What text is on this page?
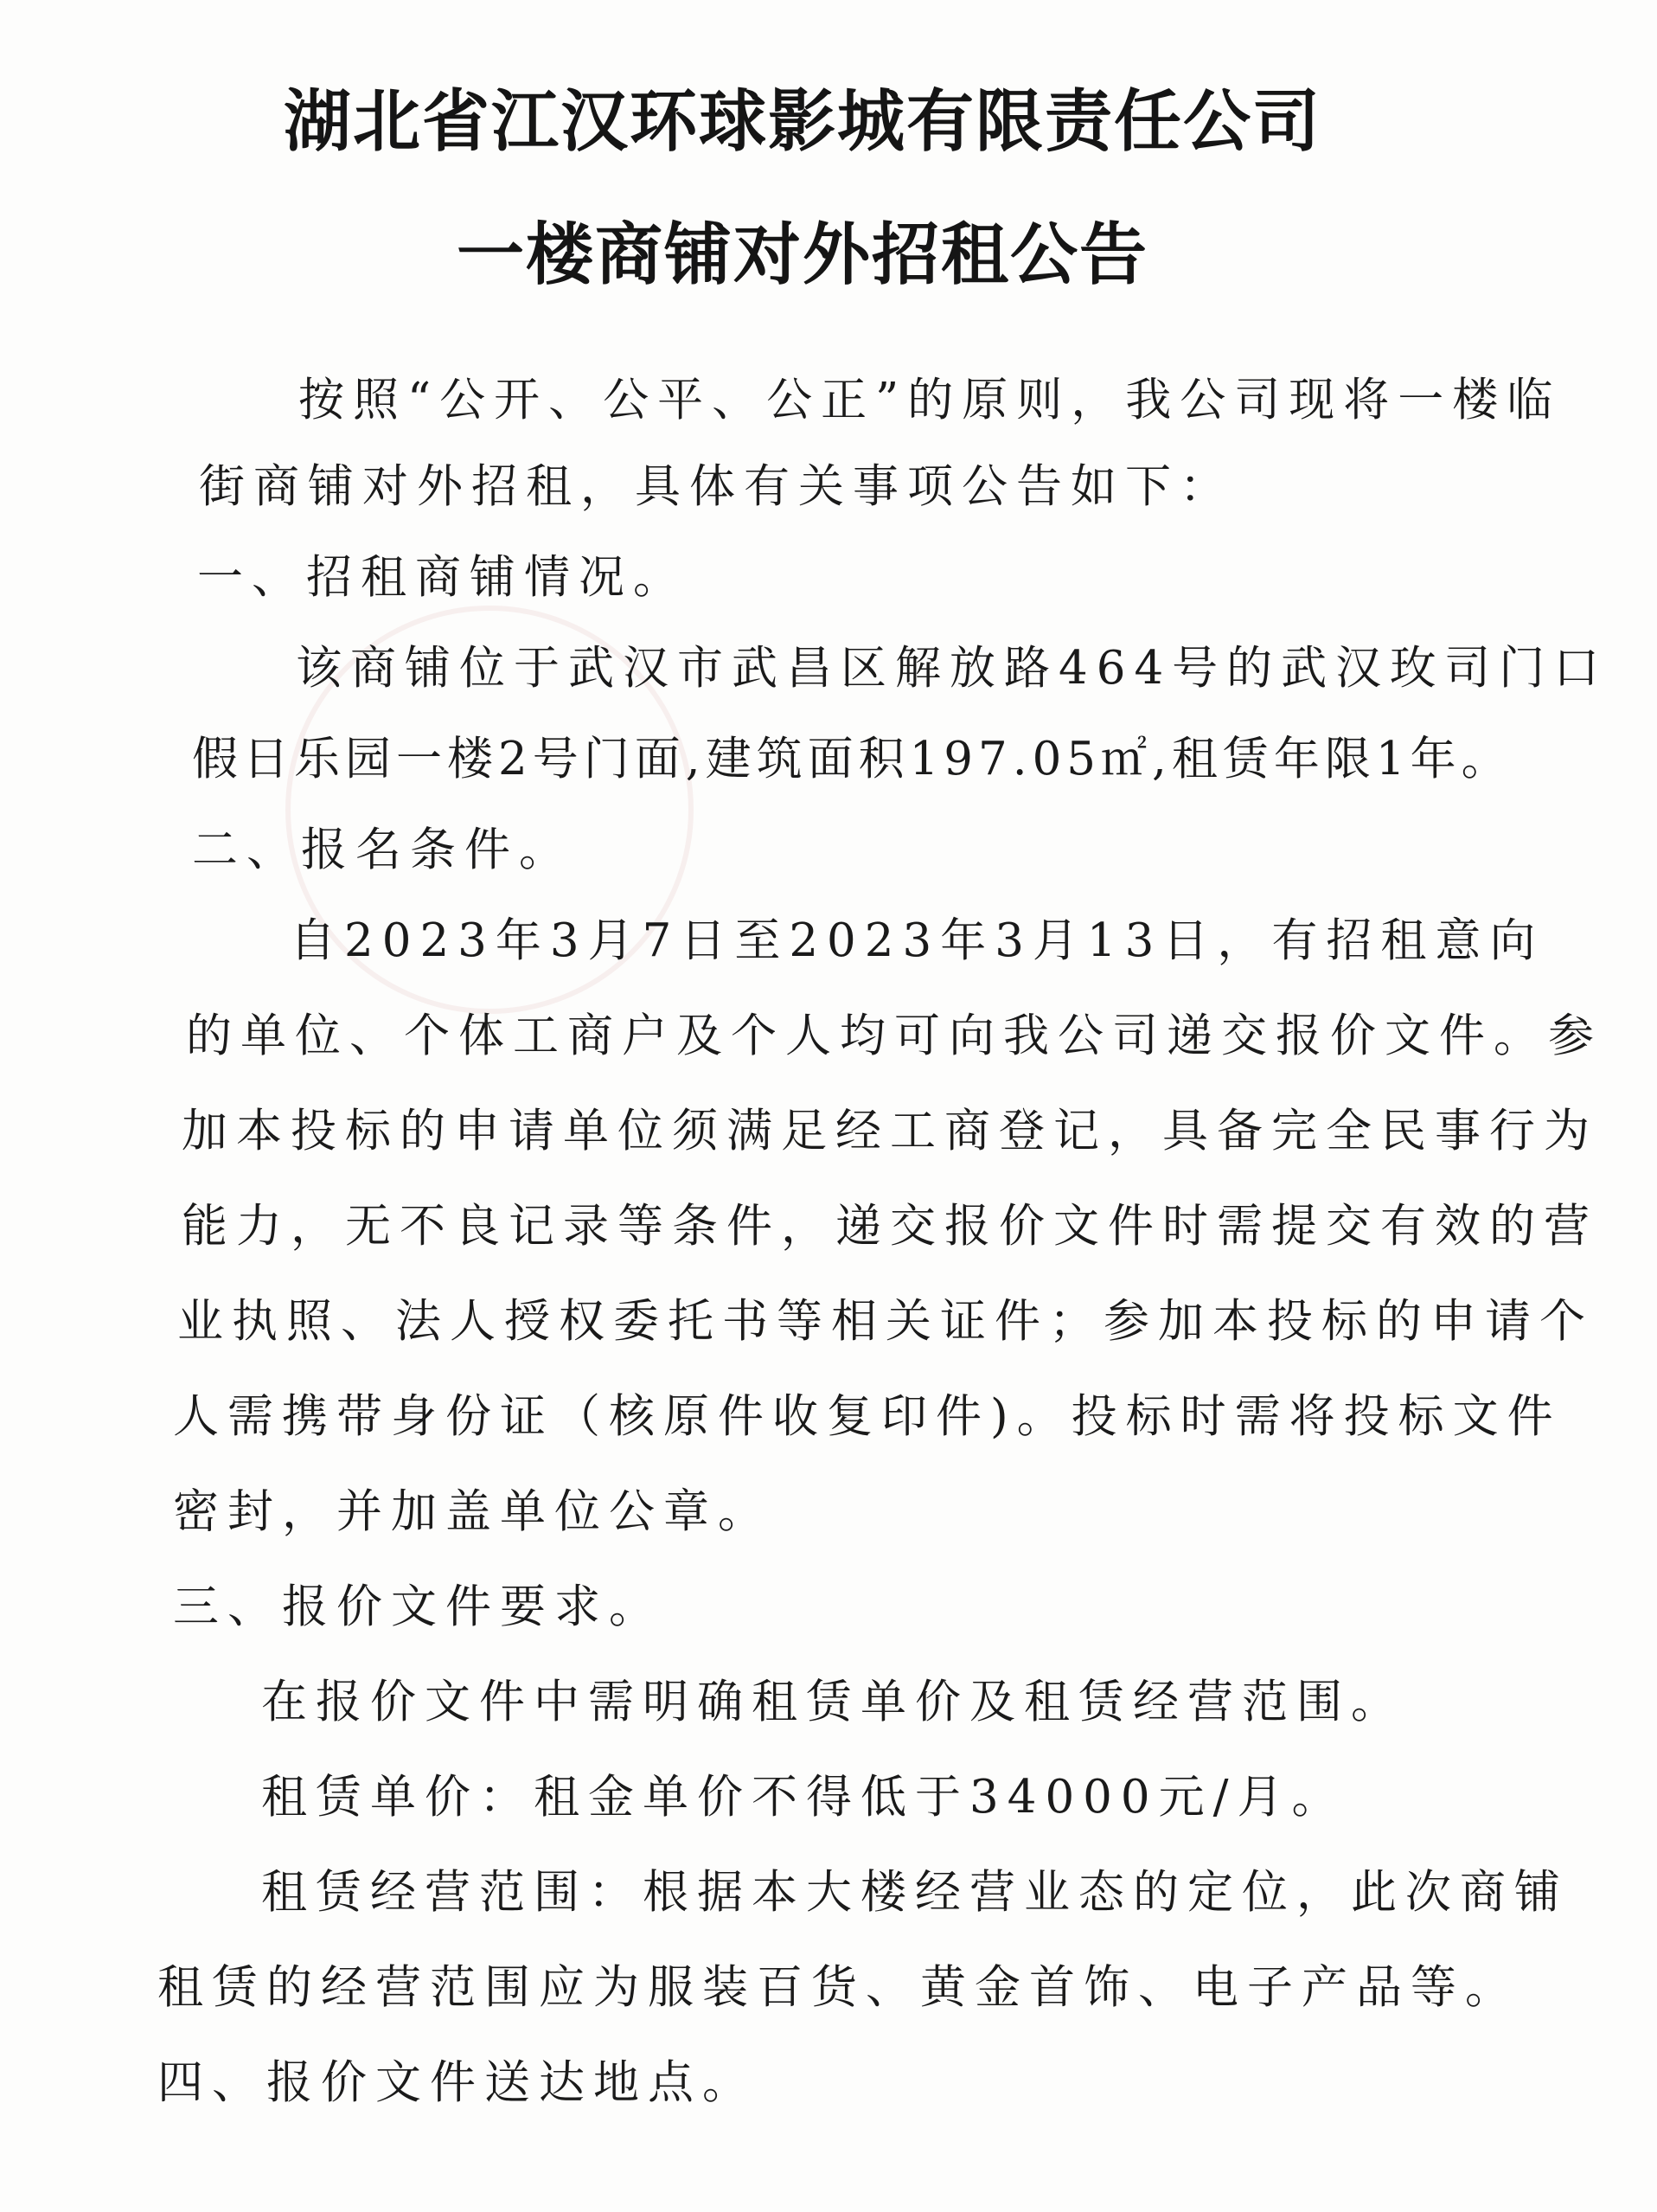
湖北省江汉环球影城有限责任公司
一楼商铺对外招租公告

按照“公开、公平、公正”的原则，我公司现将一楼临

街商铺对外招租，具体有关事项公告如下：

一、招租商铺情况。

该商铺位于武汉市武昌区解放路464号的武汉玫司门口

假日乐园一楼2号门面,建筑面积197.05㎡,租赁年限1年。

二、报名条件。

自2023年3月7日至2023年3月13日，有招租意向

的单位、个体工商户及个人均可向我公司递交报价文件。参

加本投标的申请单位须满足经工商登记，具备完全民事行为

能力，无不良记录等条件，递交报价文件时需提交有效的营

业执照、法人授权委托书等相关证件；参加本投标的申请个

人需携带身份证（核原件收复印件)。投标时需将投标文件

密封，并加盖单位公章。

三、报价文件要求。

在报价文件中需明确租赁单价及租赁经营范围。

租赁单价：租金单价不得低于34000元/月。

租赁经营范围：根据本大楼经营业态的定位，此次商铺

租赁的经营范围应为服装百货、黄金首饰、电子产品等。

四、报价文件送达地点。
